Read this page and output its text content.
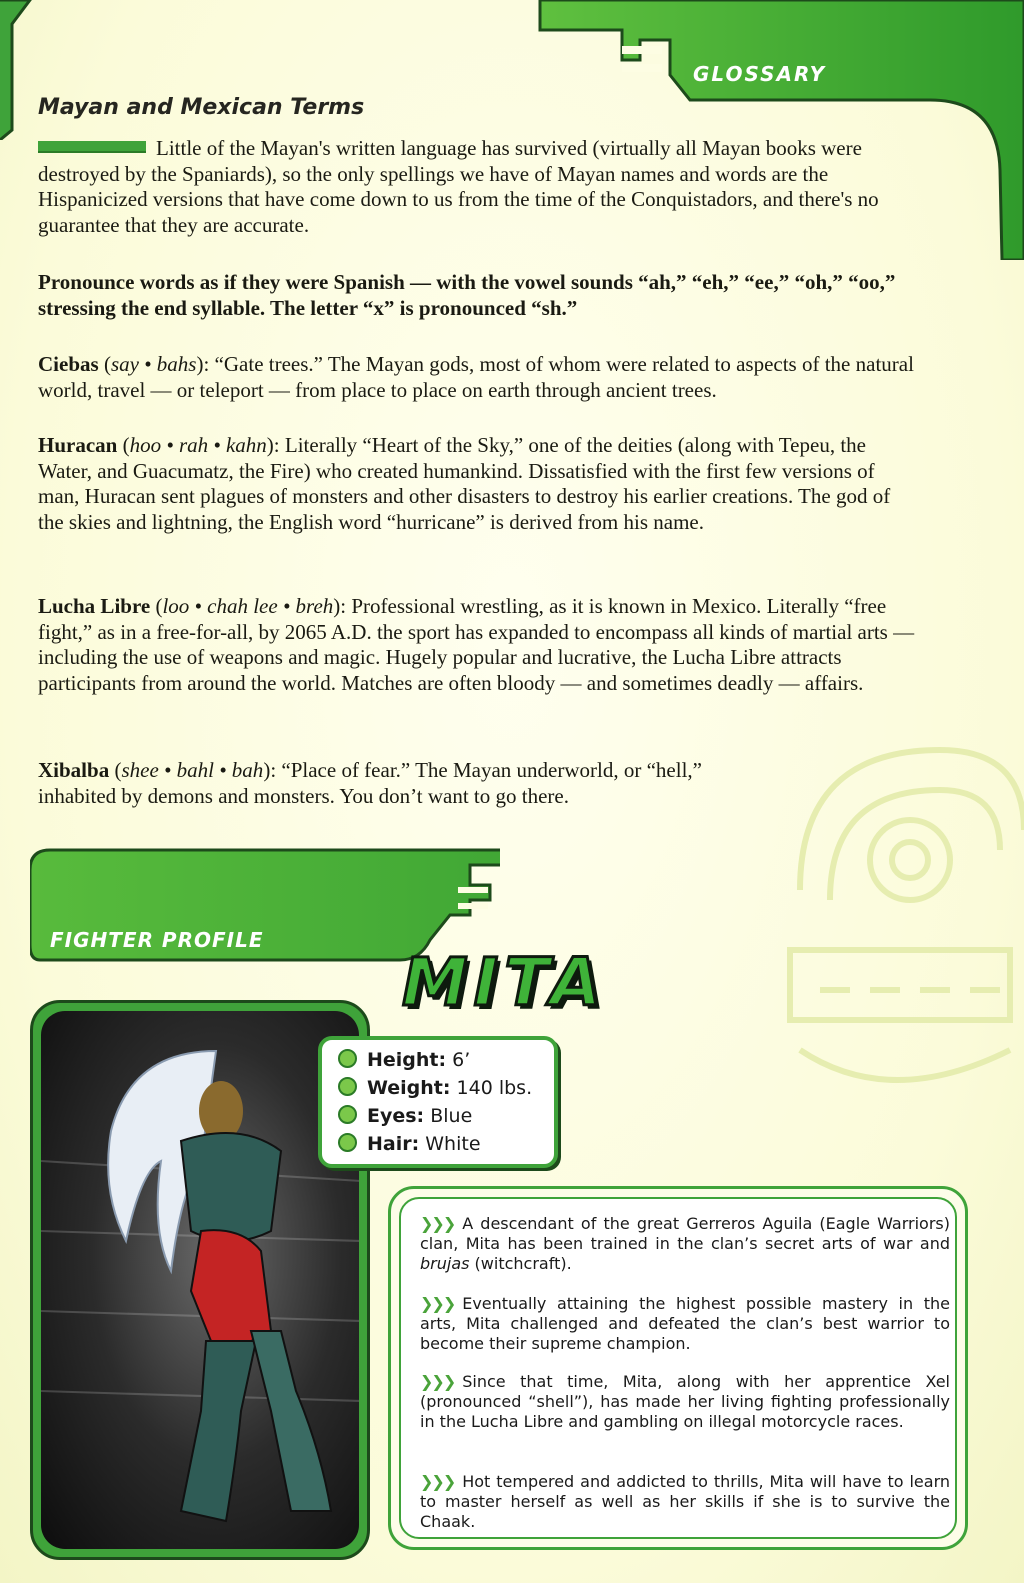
GLOSSARY
Mayan and Mexican Terms
Little of the Mayan's written language has survived (virtually all Mayan books were destroyed by the Spaniards), so the only spellings we have of Mayan names and words are the Hispanicized versions that have come down to us from the time of the Conquistadors, and there's no guarantee that they are accurate.
Pronounce words as if they were Spanish — with the vowel sounds “ah,” “eh,” “ee,” “oh,” “oo,” stressing the end syllable. The letter “x” is pronounced “sh.”
Ciebas (say • bahs): “Gate trees.” The Mayan gods, most of whom were related to aspects of the natural world, travel — or teleport — from place to place on earth through ancient trees.
Huracan (hoo • rah • kahn): Literally “Heart of the Sky,” one of the deities (along with Tepeu, the Water, and Guacumatz, the Fire) who created humankind. Dissatisfied with the first few versions of man, Huracan sent plagues of monsters and other disasters to destroy his earlier creations. The god of the skies and lightning, the English word “hurricane” is derived from his name.
Lucha Libre (loo • chah lee • breh): Professional wrestling, as it is known in Mexico. Literally “free fight,” as in a free-for-all, by 2065 A.D. the sport has expanded to encompass all kinds of martial arts — including the use of weapons and magic. Hugely popular and lucrative, the Lucha Libre attracts participants from around the world. Matches are often bloody — and sometimes deadly — affairs.
Xibalba (shee • bahl • bah): “Place of fear.” The Mayan underworld, or “hell,” inhabited by demons and monsters. You don’t want to go there.
FIGHTER PROFILE
MITA
Height: 6’
Weight: 140 lbs.
Eyes: Blue
Hair: White
❯❯❯ A descendant of the great Gerreros Aguila (Eagle Warriors) clan, Mita has been trained in the clan’s secret arts of war and brujas (witchcraft).
❯❯❯ Eventually attaining the highest possible mastery in the arts, Mita challenged and defeated the clan’s best warrior to become their supreme champion.
❯❯❯ Since that time, Mita, along with her apprentice Xel (pronounced “shell”), has made her living fighting professionally in the Lucha Libre and gambling on illegal motorcycle races.
❯❯❯ Hot tempered and addicted to thrills, Mita will have to learn to master herself as well as her skills if she is to survive the Chaak.
